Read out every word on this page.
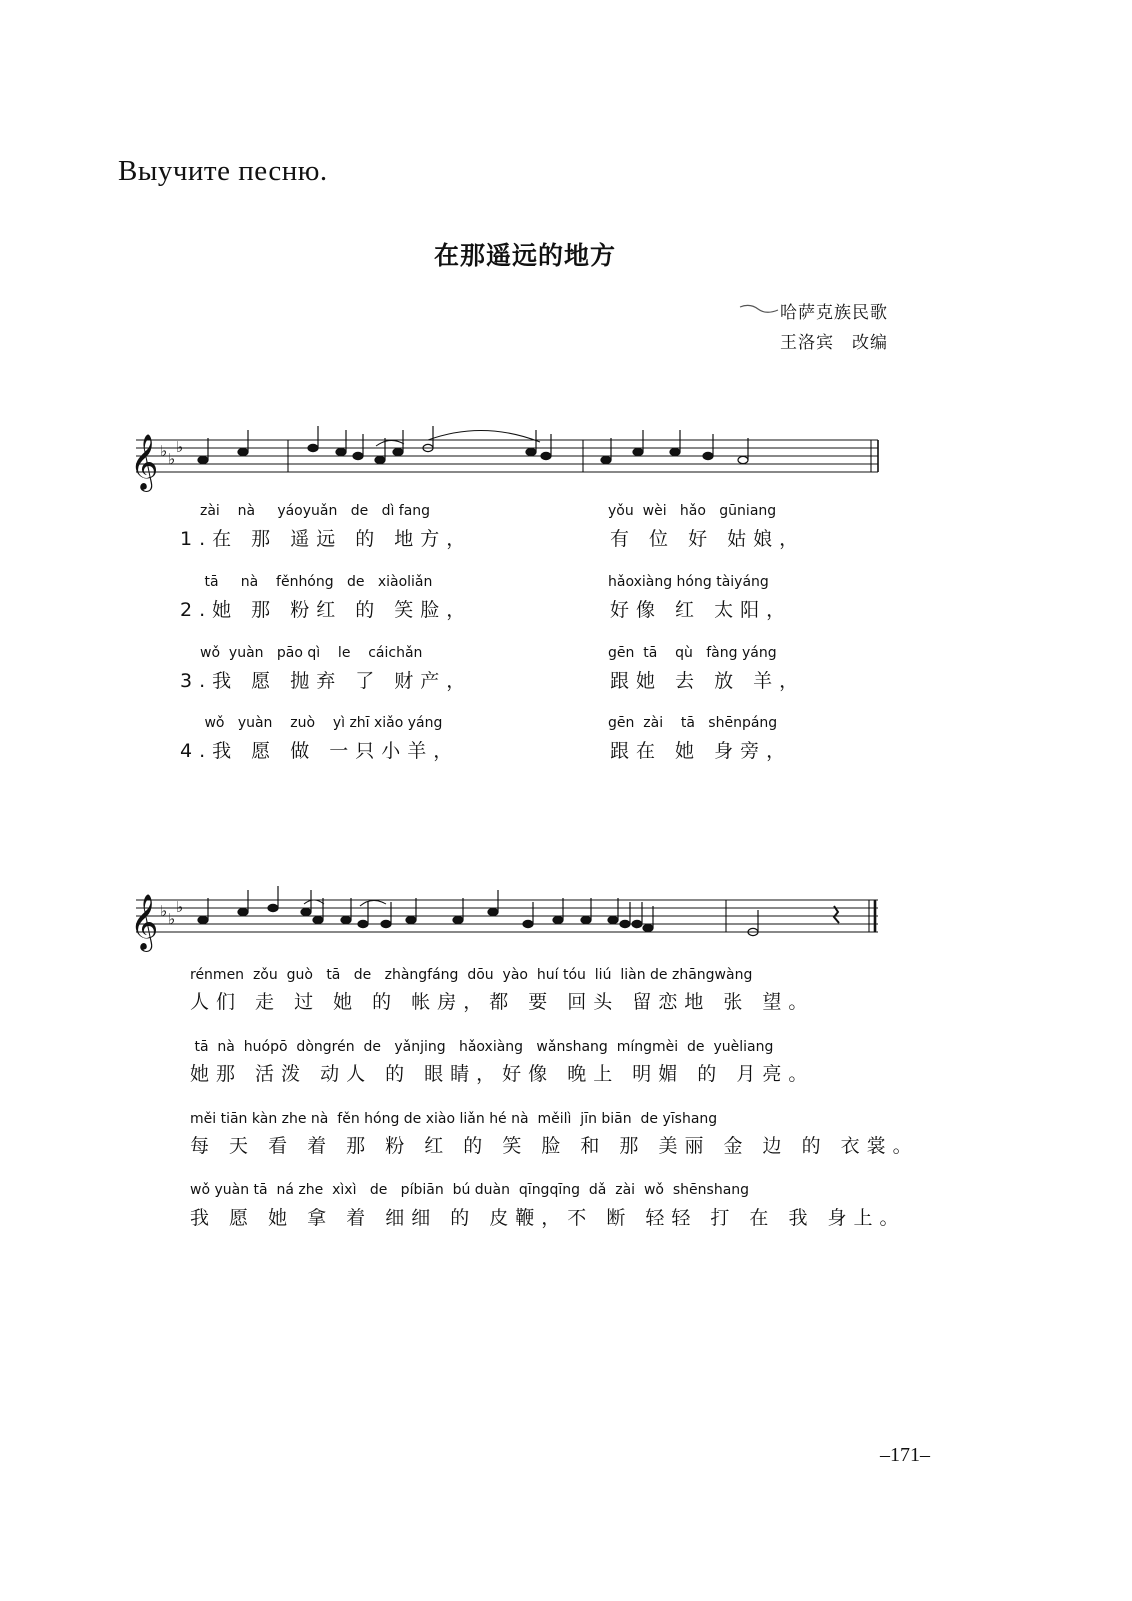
Выучите песню.
在那遥远的地方
哈萨克族民歌
王洛宾　改编
𝄞 ♭ ♭
♭
zài    nà     yáoyuǎn   de   dì fang
1.在 那 遥远 的 地方，
yǒu  wèi   hǎo   gūniang
有 位 好 姑娘，
tā     nà    fěnhóng   de   xiàoliǎn
2.她 那 粉红 的 笑脸，
hǎoxiàng hóng tàiyáng
好像 红 太阳，
wǒ  yuàn   pāo qì    le    cáichǎn
3.我 愿 抛弃 了 财产，
gēn  tā    qù   fàng yáng
跟她 去 放 羊，
wǒ   yuàn    zuò    yì zhī xiǎo yáng
4.我 愿 做 一只小羊，
gēn  zài    tā   shēnpáng
跟在 她 身旁，
𝄞 ♭ ♭
♭
rénmen  zǒu  guò   tā   de   zhàngfáng  dōu  yào  huí tóu  liú  liàn de zhāngwàng
人们 走 过 她 的 帐房，都 要 回头 留恋地 张 望。
tā  nà  huópō  dòngrén  de   yǎnjing   hǎoxiàng   wǎnshang  míngmèi  de  yuèliang
她那 活泼 动人 的 眼睛，好像 晚上 明媚 的 月亮。
měi tiān kàn zhe nà  fěn hóng de xiào liǎn hé nà  měilì  jīn biān  de yīshang
每 天 看 着 那 粉 红 的 笑 脸 和 那 美丽 金 边 的 衣裳。
wǒ yuàn tā  ná zhe  xìxì   de   píbiān  bú duàn  qīngqīng  dǎ  zài  wǒ  shēnshang
我 愿 她 拿 着 细细 的 皮鞭，不 断 轻轻 打 在 我 身上。
–171–
